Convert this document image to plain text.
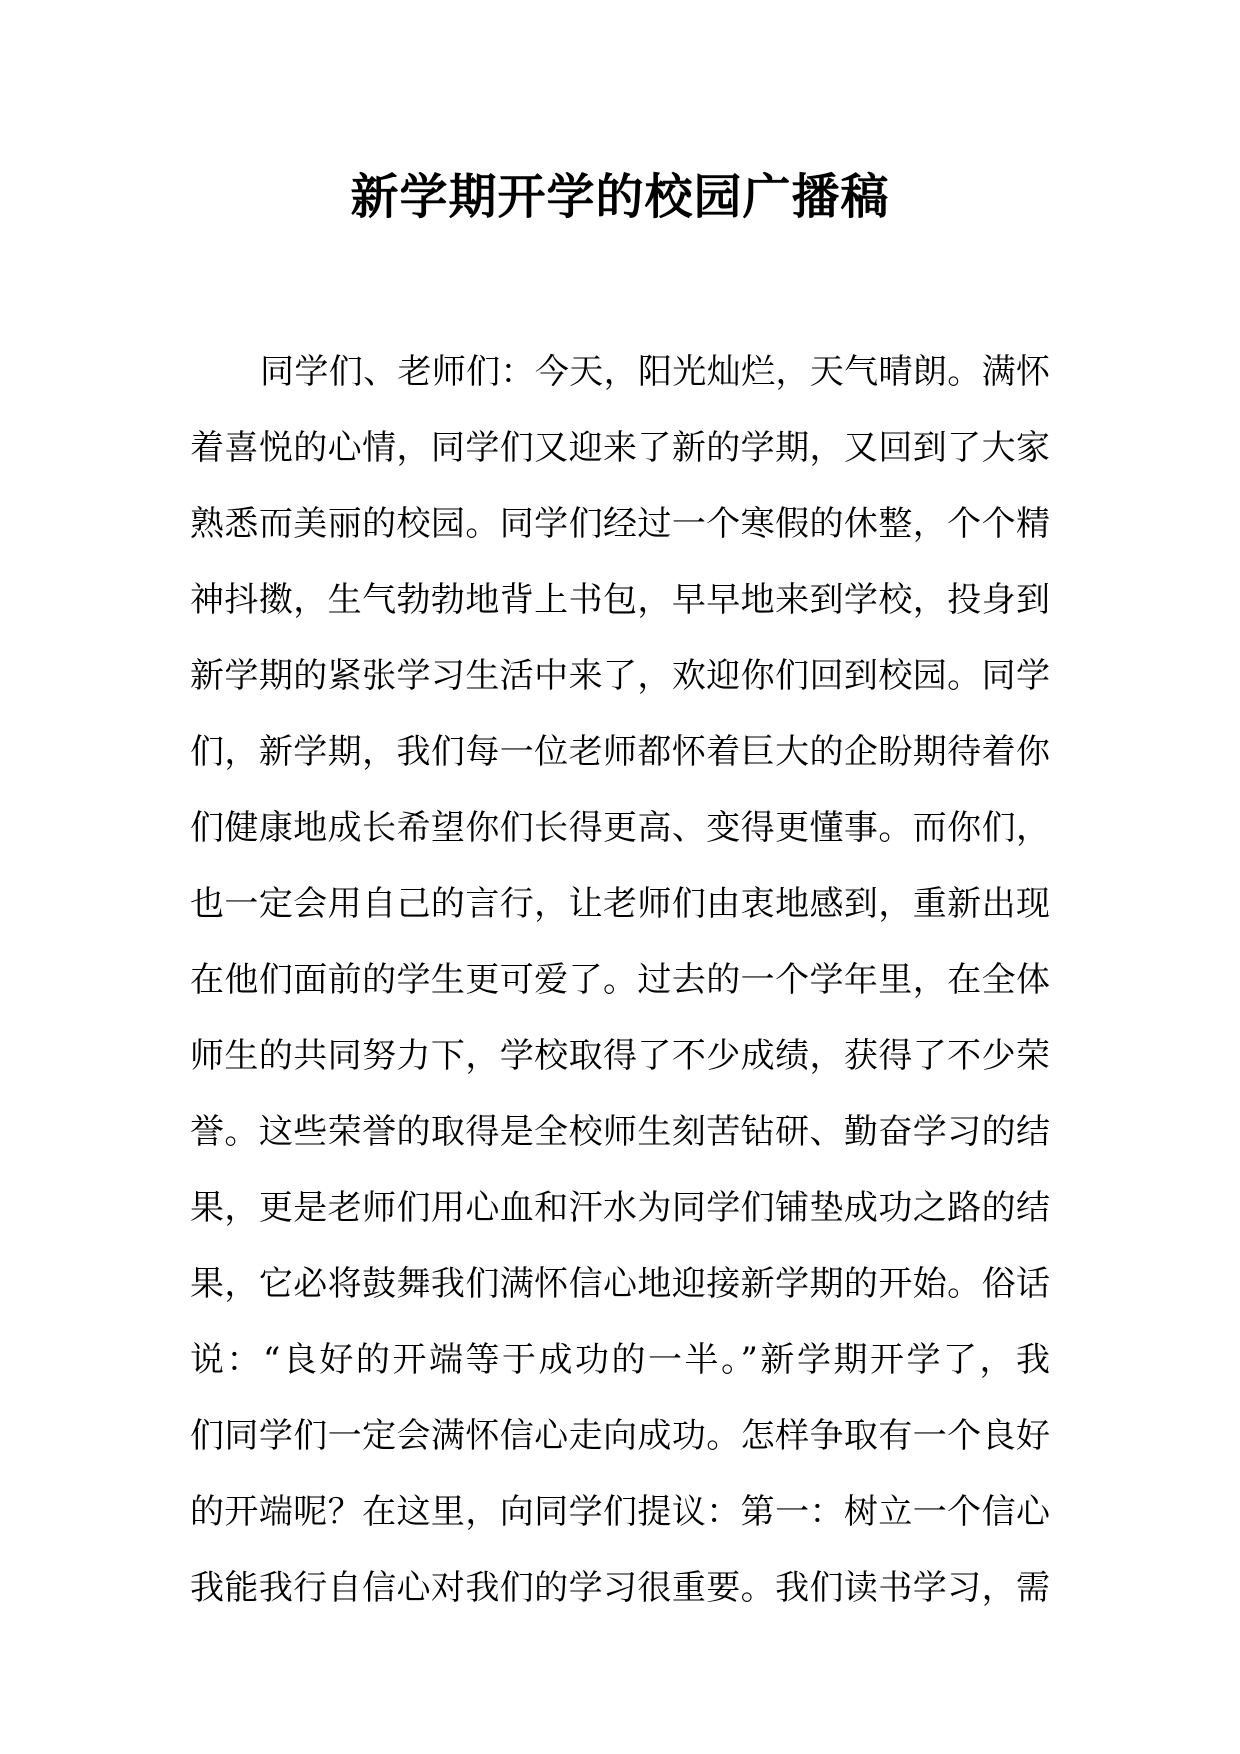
新学期开学的校园广播稿
同学们、老师们：今天，阳光灿烂，天气晴朗。满怀
着喜悦的心情，同学们又迎来了新的学期，又回到了大家
熟悉而美丽的校园。同学们经过一个寒假的休整，个个精
神抖擞，生气勃勃地背上书包，早早地来到学校，投身到
新学期的紧张学习生活中来了，欢迎你们回到校园。同学
们，新学期，我们每一位老师都怀着巨大的企盼期待着你
们健康地成长希望你们长得更高、变得更懂事。而你们，
也一定会用自己的言行，让老师们由衷地感到，重新出现
在他们面前的学生更可爱了。过去的一个学年里，在全体
师生的共同努力下，学校取得了不少成绩，获得了不少荣
誉。这些荣誉的取得是全校师生刻苦钻研、勤奋学习的结
果，更是老师们用心血和汗水为同学们铺垫成功之路的结
果，它必将鼓舞我们满怀信心地迎接新学期的开始。俗话
说：“良好的开端等于成功的一半。”新学期开学了，我
们同学们一定会满怀信心走向成功。怎样争取有一个良好
的开端呢？在这里，向同学们提议：第一：树立一个信心
我能我行自信心对我们的学习很重要。我们读书学习，需
